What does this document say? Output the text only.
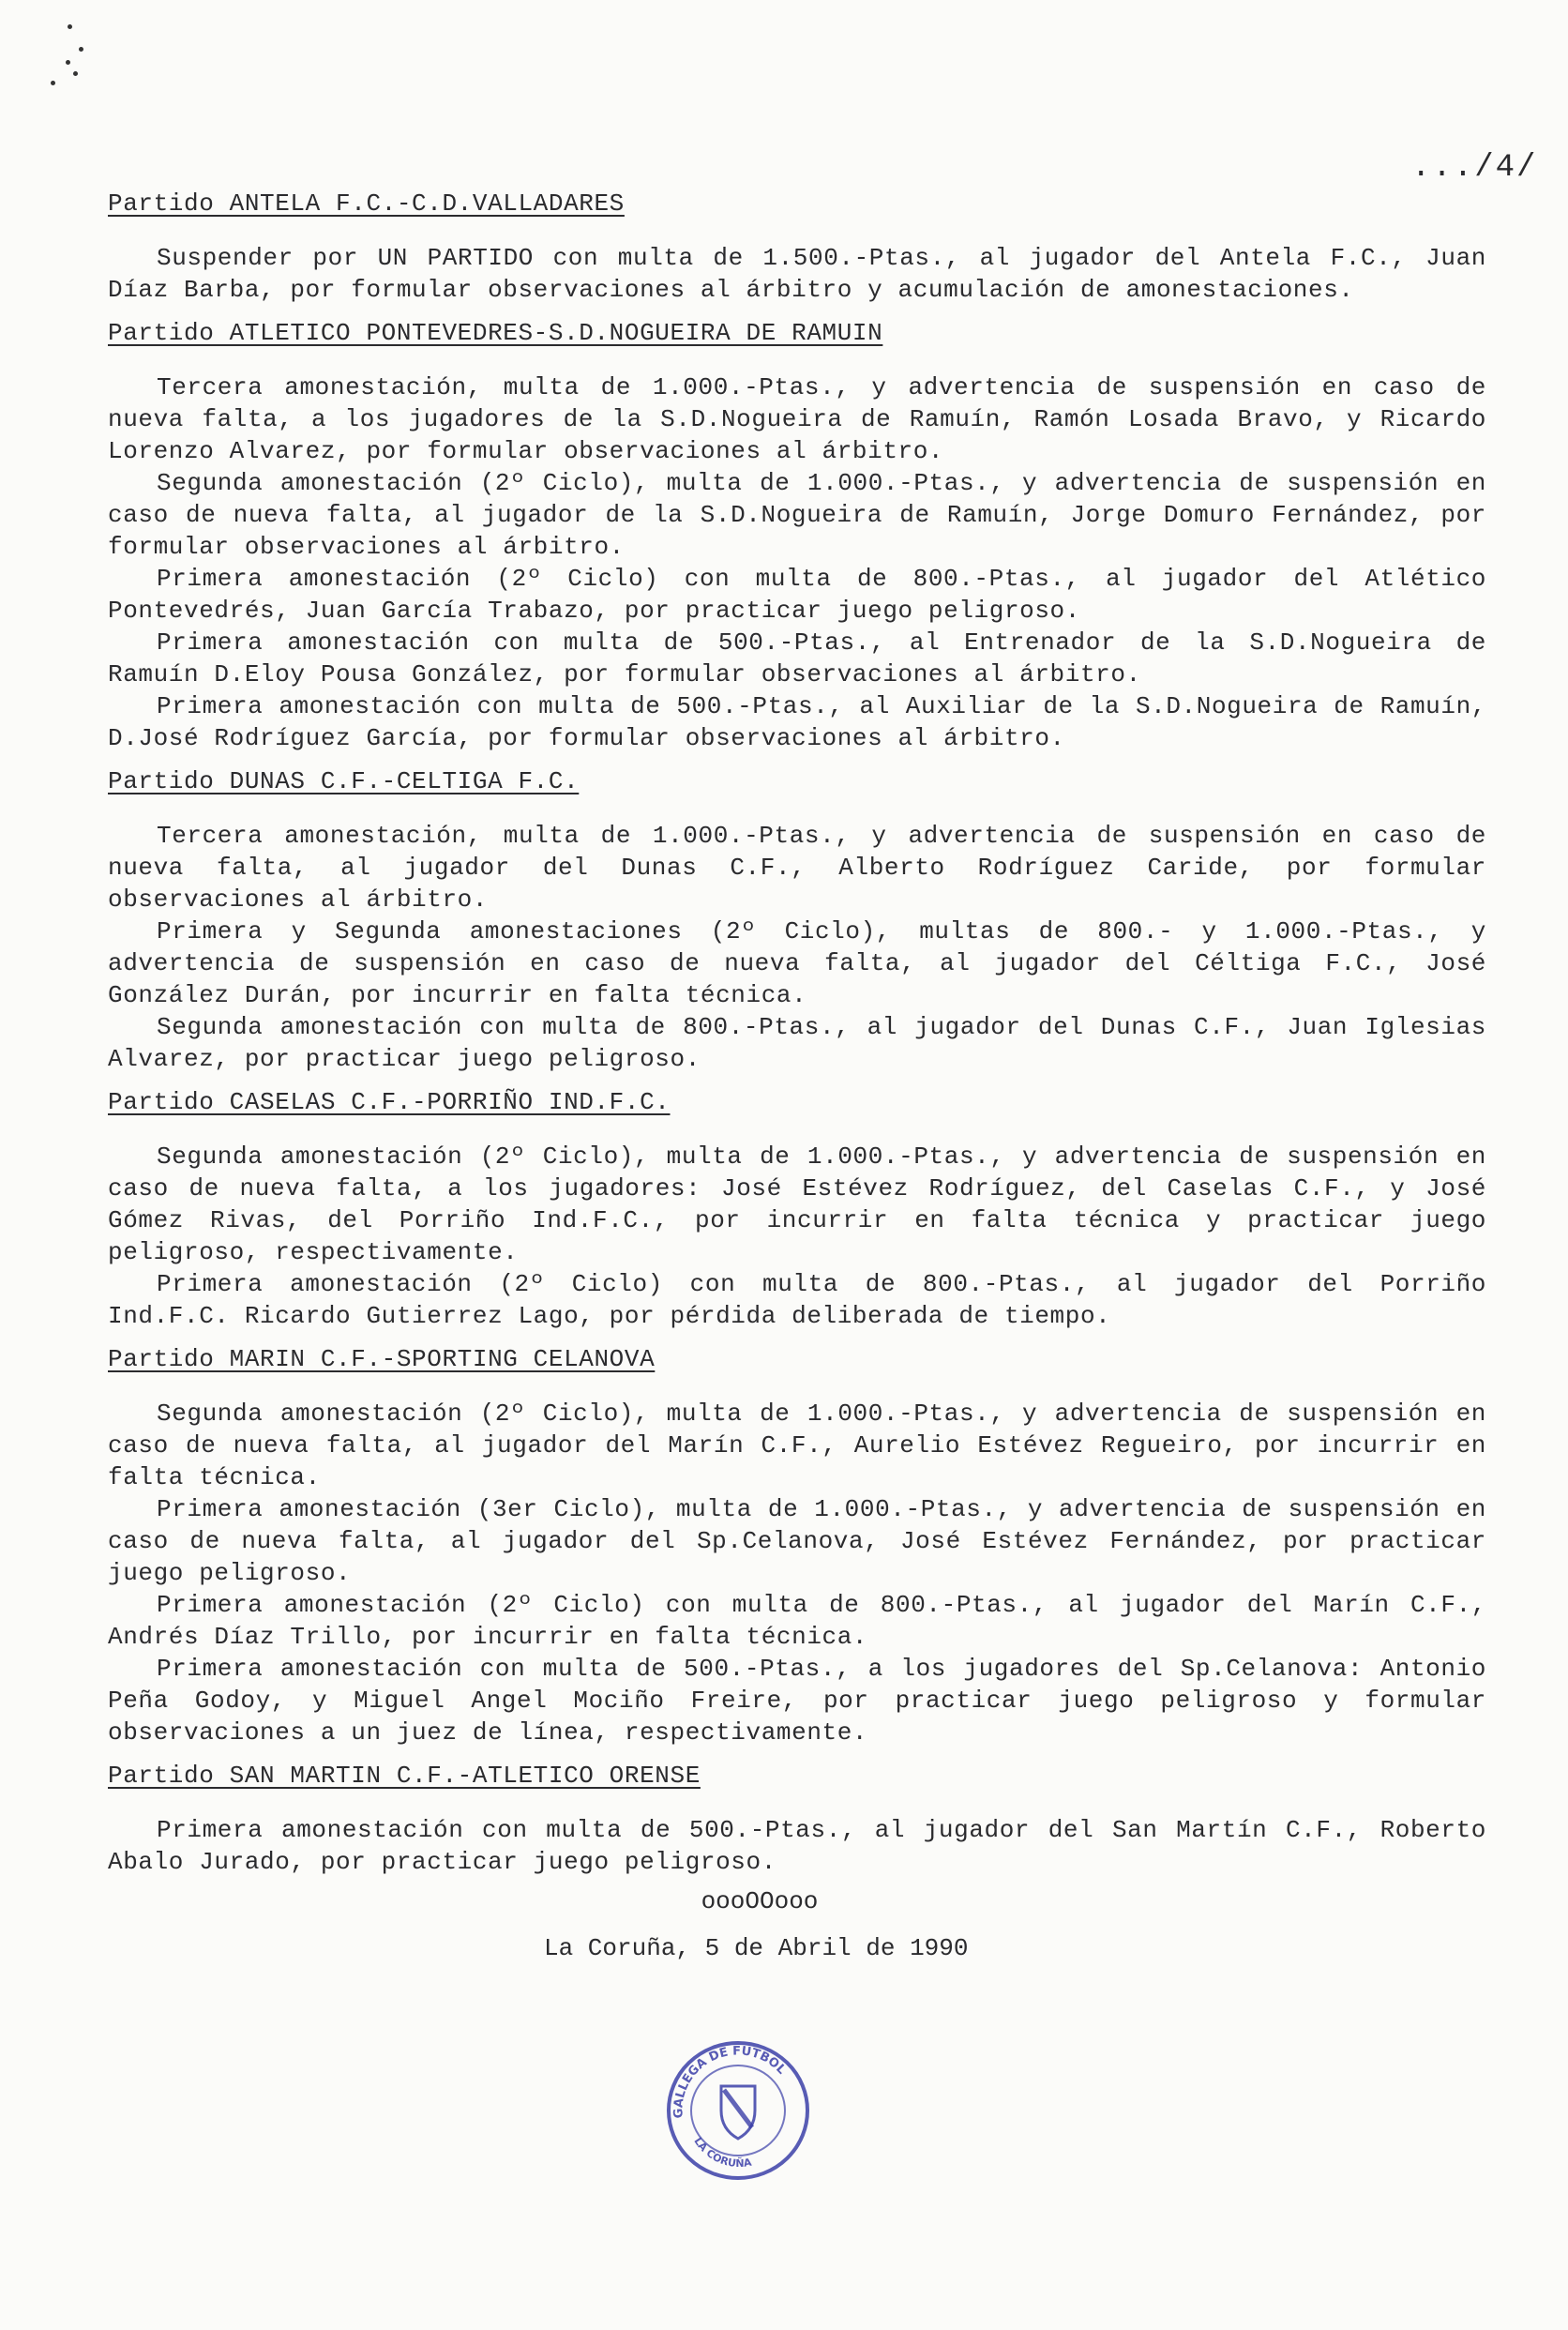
.../4/
Partido ANTELA F.C.-C.D.VALLADARES

Suspender por UN PARTIDO con multa de 1.500.-Ptas., al jugador del Antela F.C., Juan Díaz Barba, por formular observaciones al árbitro y acumulación de amonestaciones.

Partido ATLETICO PONTEVEDRES-S.D.NOGUEIRA DE RAMUIN

Tercera amonestación, multa de 1.000.-Ptas., y advertencia de suspensión en caso de nueva falta, a los jugadores de la S.D.Nogueira de Ramuín, Ramón Losada Bravo, y Ricardo Lorenzo Alvarez, por formular observaciones al árbitro.

Segunda amonestación (2º Ciclo), multa de 1.000.-Ptas., y advertencia de suspensión en caso de nueva falta, al jugador de la S.D.Nogueira de Ramuín, Jorge Domuro Fernández, por formular observaciones al árbitro.

Primera amonestación (2º Ciclo) con multa de 800.-Ptas., al jugador del Atlético Pontevedrés, Juan García Trabazo, por practicar juego peligroso.

Primera amonestación con multa de 500.-Ptas., al Entrenador de la S.D.Nogueira de Ramuín D.Eloy Pousa González, por formular observaciones al árbitro.

Primera amonestación con multa de 500.-Ptas., al Auxiliar de la S.D.Nogueira de Ramuín, D.José Rodríguez García, por formular observaciones al árbitro.

Partido DUNAS C.F.-CELTIGA F.C.

Tercera amonestación, multa de 1.000.-Ptas., y advertencia de suspensión en caso de nueva falta, al jugador del Dunas C.F., Alberto Rodríguez Caride, por formular observaciones al árbitro.

Primera y Segunda amonestaciones (2º Ciclo), multas de 800.- y 1.000.-Ptas., y advertencia de suspensión en caso de nueva falta, al jugador del Céltiga F.C., José González Durán, por incurrir en falta técnica.

Segunda amonestación con multa de 800.-Ptas., al jugador del Dunas C.F., Juan Iglesias Alvarez, por practicar juego peligroso.

Partido CASELAS C.F.-PORRIÑO IND.F.C.

Segunda amonestación (2º Ciclo), multa de 1.000.-Ptas., y advertencia de suspensión en caso de nueva falta, a los jugadores: José Estévez Rodríguez, del Caselas C.F., y José Gómez Rivas, del Porriño Ind.F.C., por incurrir en falta técnica y practicar juego peligroso, respectivamente.

Primera amonestación (2º Ciclo) con multa de 800.-Ptas., al jugador del Porriño Ind.F.C. Ricardo Gutierrez Lago, por pérdida deliberada de tiempo.

Partido MARIN C.F.-SPORTING CELANOVA

Segunda amonestación (2º Ciclo), multa de 1.000.-Ptas., y advertencia de suspensión en caso de nueva falta, al jugador del Marín C.F., Aurelio Estévez Regueiro, por incurrir en falta técnica.

Primera amonestación (3er Ciclo), multa de 1.000.-Ptas., y advertencia de suspensión en caso de nueva falta, al jugador del Sp.Celanova, José Estévez Fernández, por practicar juego peligroso.

Primera amonestación (2º Ciclo) con multa de 800.-Ptas., al jugador del Marín C.F., Andrés Díaz Trillo, por incurrir en falta técnica.

Primera amonestación con multa de 500.-Ptas., a los jugadores del Sp.Celanova: Antonio Peña Godoy, y Miguel Angel Mociño Freire, por practicar juego peligroso y formular observaciones a un juez de línea, respectivamente.

Partido SAN MARTIN C.F.-ATLETICO ORENSE

Primera amonestación con multa de 500.-Ptas., al jugador del San Martín C.F., Roberto Abalo Jurado, por practicar juego peligroso.

oooOOooo
La Coruña, 5 de Abril de 1990
GALLEGA DE FUTBOL
LA CORUÑA
